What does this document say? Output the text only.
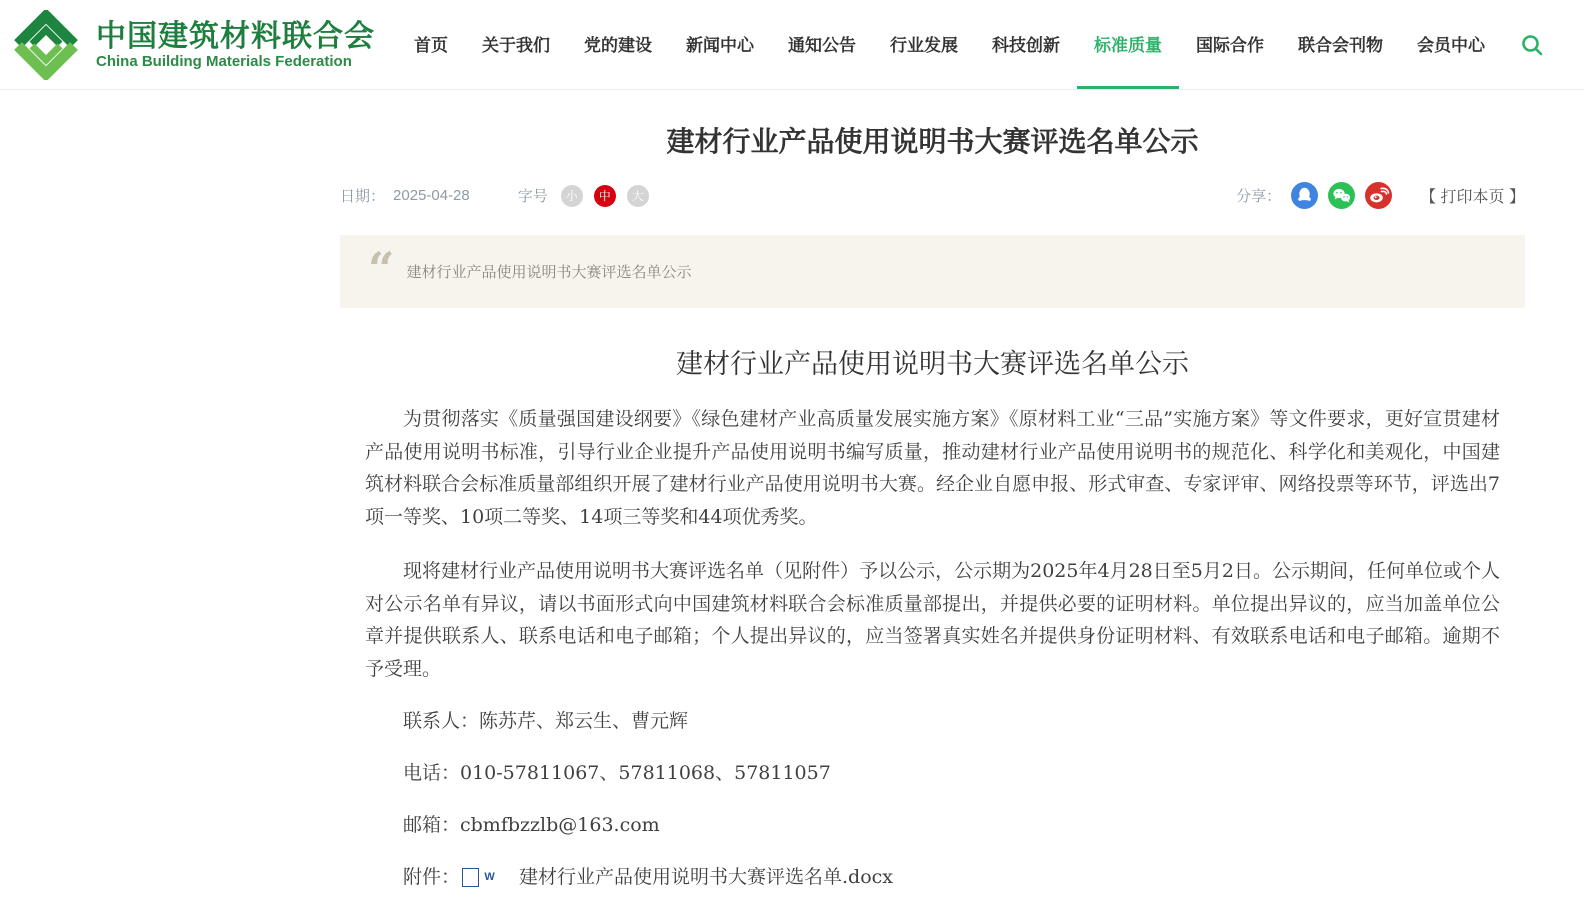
中国建筑材料联合会
China Building Materials Federation
首页	关于我们	党的建设	新闻中心	通知公告	行业发展	科技创新	标准质量	国际合作	联合会刊物	会员中心
建材行业产品使用说明书大赛评选名单公示
日期： 2025-04-28	字号	小	中	大	分享：	【 打印本页 】
“ 建材行业产品使用说明书大赛评选名单公示
建材行业产品使用说明书大赛评选名单公示

为贯彻落实《质量强国建设纲要》《绿色建材产业高质量发展实施方案》《原材料工业“三品”实施方案》等文件要求，更好宣贯建材产品使用说明书标准，引导行业企业提升产品使用说明书编写质量，推动建材行业产品使用说明书的规范化、科学化和美观化，中国建筑材料联合会标准质量部组织开展了建材行业产品使用说明书大赛。经企业自愿申报、形式审查、专家评审、网络投票等环节，评选出7项一等奖、10项二等奖、14项三等奖和44项优秀奖。

现将建材行业产品使用说明书大赛评选名单（见附件）予以公示，公示期为2025年4月28日至5月2日。公示期间，任何单位或个人对公示名单有异议，请以书面形式向中国建筑材料联合会标准质量部提出，并提供必要的证明材料。单位提出异议的，应当加盖单位公章并提供联系人、联系电话和电子邮箱；个人提出异议的，应当签署真实姓名并提供身份证明材料、有效联系电话和电子邮箱。逾期不予受理。

联系人：陈苏芹、郑云生、曹元辉

电话：010-57811067、57811068、57811057

邮箱：cbmfbzzlb@163.com

附件：	W	建材行业产品使用说明书大赛评选名单.docx
